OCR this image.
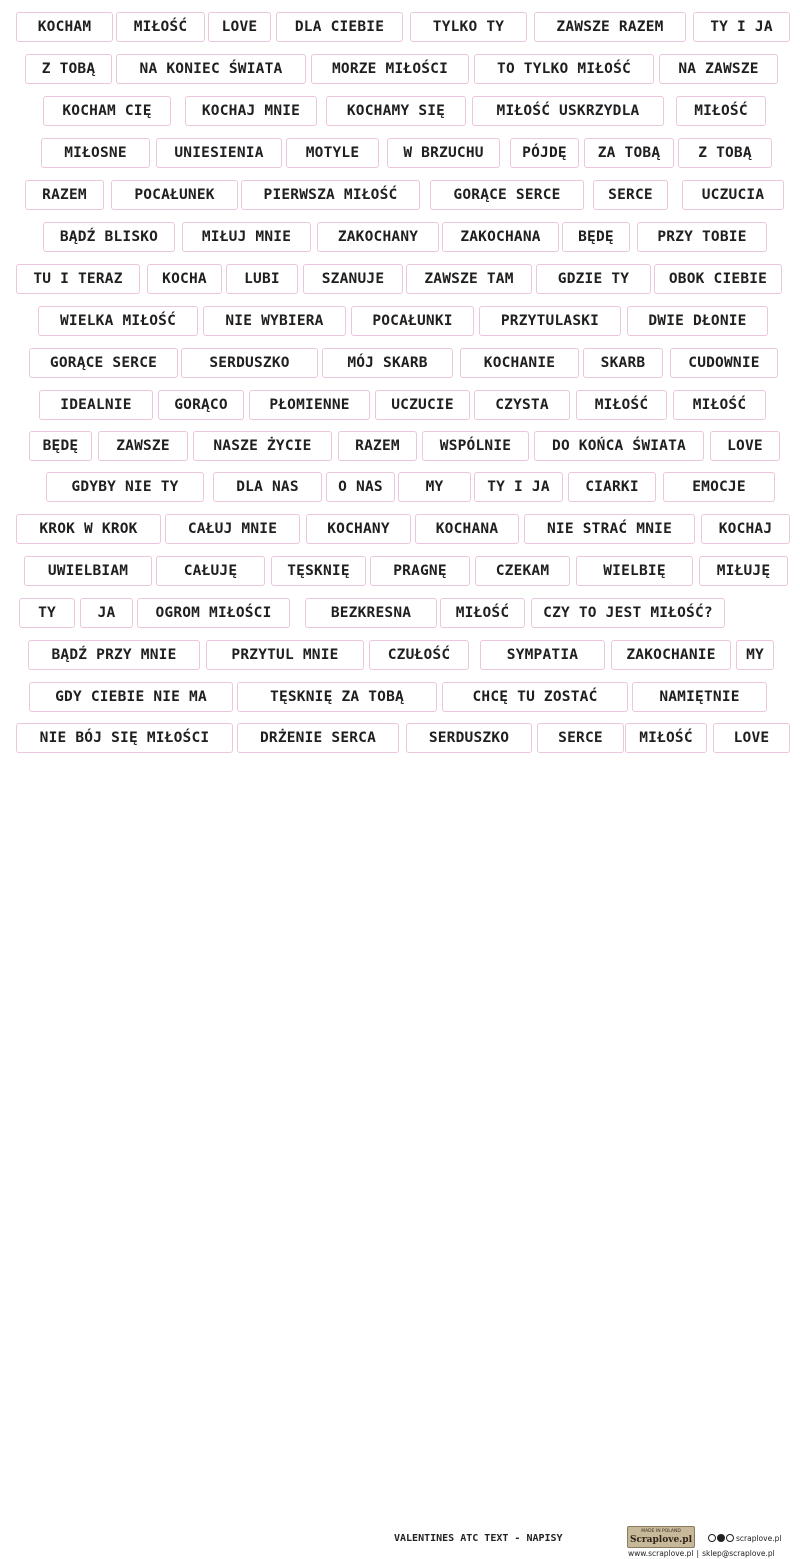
KOCHAM	MIŁOŚĆ	LOVE	DLA CIEBIE	TYLKO TY	ZAWSZE RAZEM	TY I JA
Z TOBĄ	NA KONIEC ŚWIATA	MORZE MIŁOŚCI	TO TYLKO MIŁOŚĆ	NA ZAWSZE
KOCHAM CIĘ	KOCHAJ MNIE	KOCHAMY SIĘ	MIŁOŚĆ USKRZYDLA	MIŁOŚĆ
MIŁOSNE	UNIESIENIA	MOTYLE	W BRZUCHU	PÓJDĘ	ZA TOBĄ	Z TOBĄ
RAZEM	POCAŁUNEK	PIERWSZA MIŁOŚĆ	GORĄCE SERCE	SERCE	UCZUCIA
BĄDŹ BLISKO	MIŁUJ MNIE	ZAKOCHANY	ZAKOCHANA	BĘDĘ	PRZY TOBIE
TU I TERAZ	KOCHA	LUBI	SZANUJE	ZAWSZE TAM	GDZIE TY	OBOK CIEBIE
WIELKA MIŁOŚĆ	NIE WYBIERA	POCAŁUNKI	PRZYTULASKI	DWIE DŁONIE
GORĄCE SERCE	SERDUSZKO	MÓJ SKARB	KOCHANIE	SKARB	CUDOWNIE
IDEALNIE	GORĄCO	PŁOMIENNE	UCZUCIE	CZYSTA	MIŁOŚĆ	MIŁOŚĆ
BĘDĘ	ZAWSZE	NASZE ŻYCIE	RAZEM	WSPÓLNIE	DO KOŃCA ŚWIATA	LOVE
GDYBY NIE TY	DLA NAS	O NAS	MY	TY I JA	CIARKI	EMOCJE
KROK W KROK	CAŁUJ MNIE	KOCHANY	KOCHANA	NIE STRAĆ MNIE	KOCHAJ
UWIELBIAM	CAŁUJĘ	TĘSKNIĘ	PRAGNĘ	CZEKAM	WIELBIĘ	MIŁUJĘ
TY	JA	OGROM MIŁOŚCI	BEZKRESNA	MIŁOŚĆ	CZY TO JEST MIŁOŚĆ?
BĄDŹ PRZY MNIE	PRZYTUL MNIE	CZUŁOŚĆ	SYMPATIA	ZAKOCHANIE	MY
GDY CIEBIE NIE MA	TĘSKNIĘ ZA TOBĄ	CHCĘ TU ZOSTAĆ	NAMIĘTNIE
NIE BÓJ SIĘ MIŁOŚCI	DRŻENIE SERCA	SERDUSZKO	SERCE	MIŁOŚĆ	LOVE
VALENTINES ATC TEXT - NAPISY
MADE IN POLAND
Scraplove.pl	scraplove.pl
www.scraplove.pl | sklep@scraplove.pl
